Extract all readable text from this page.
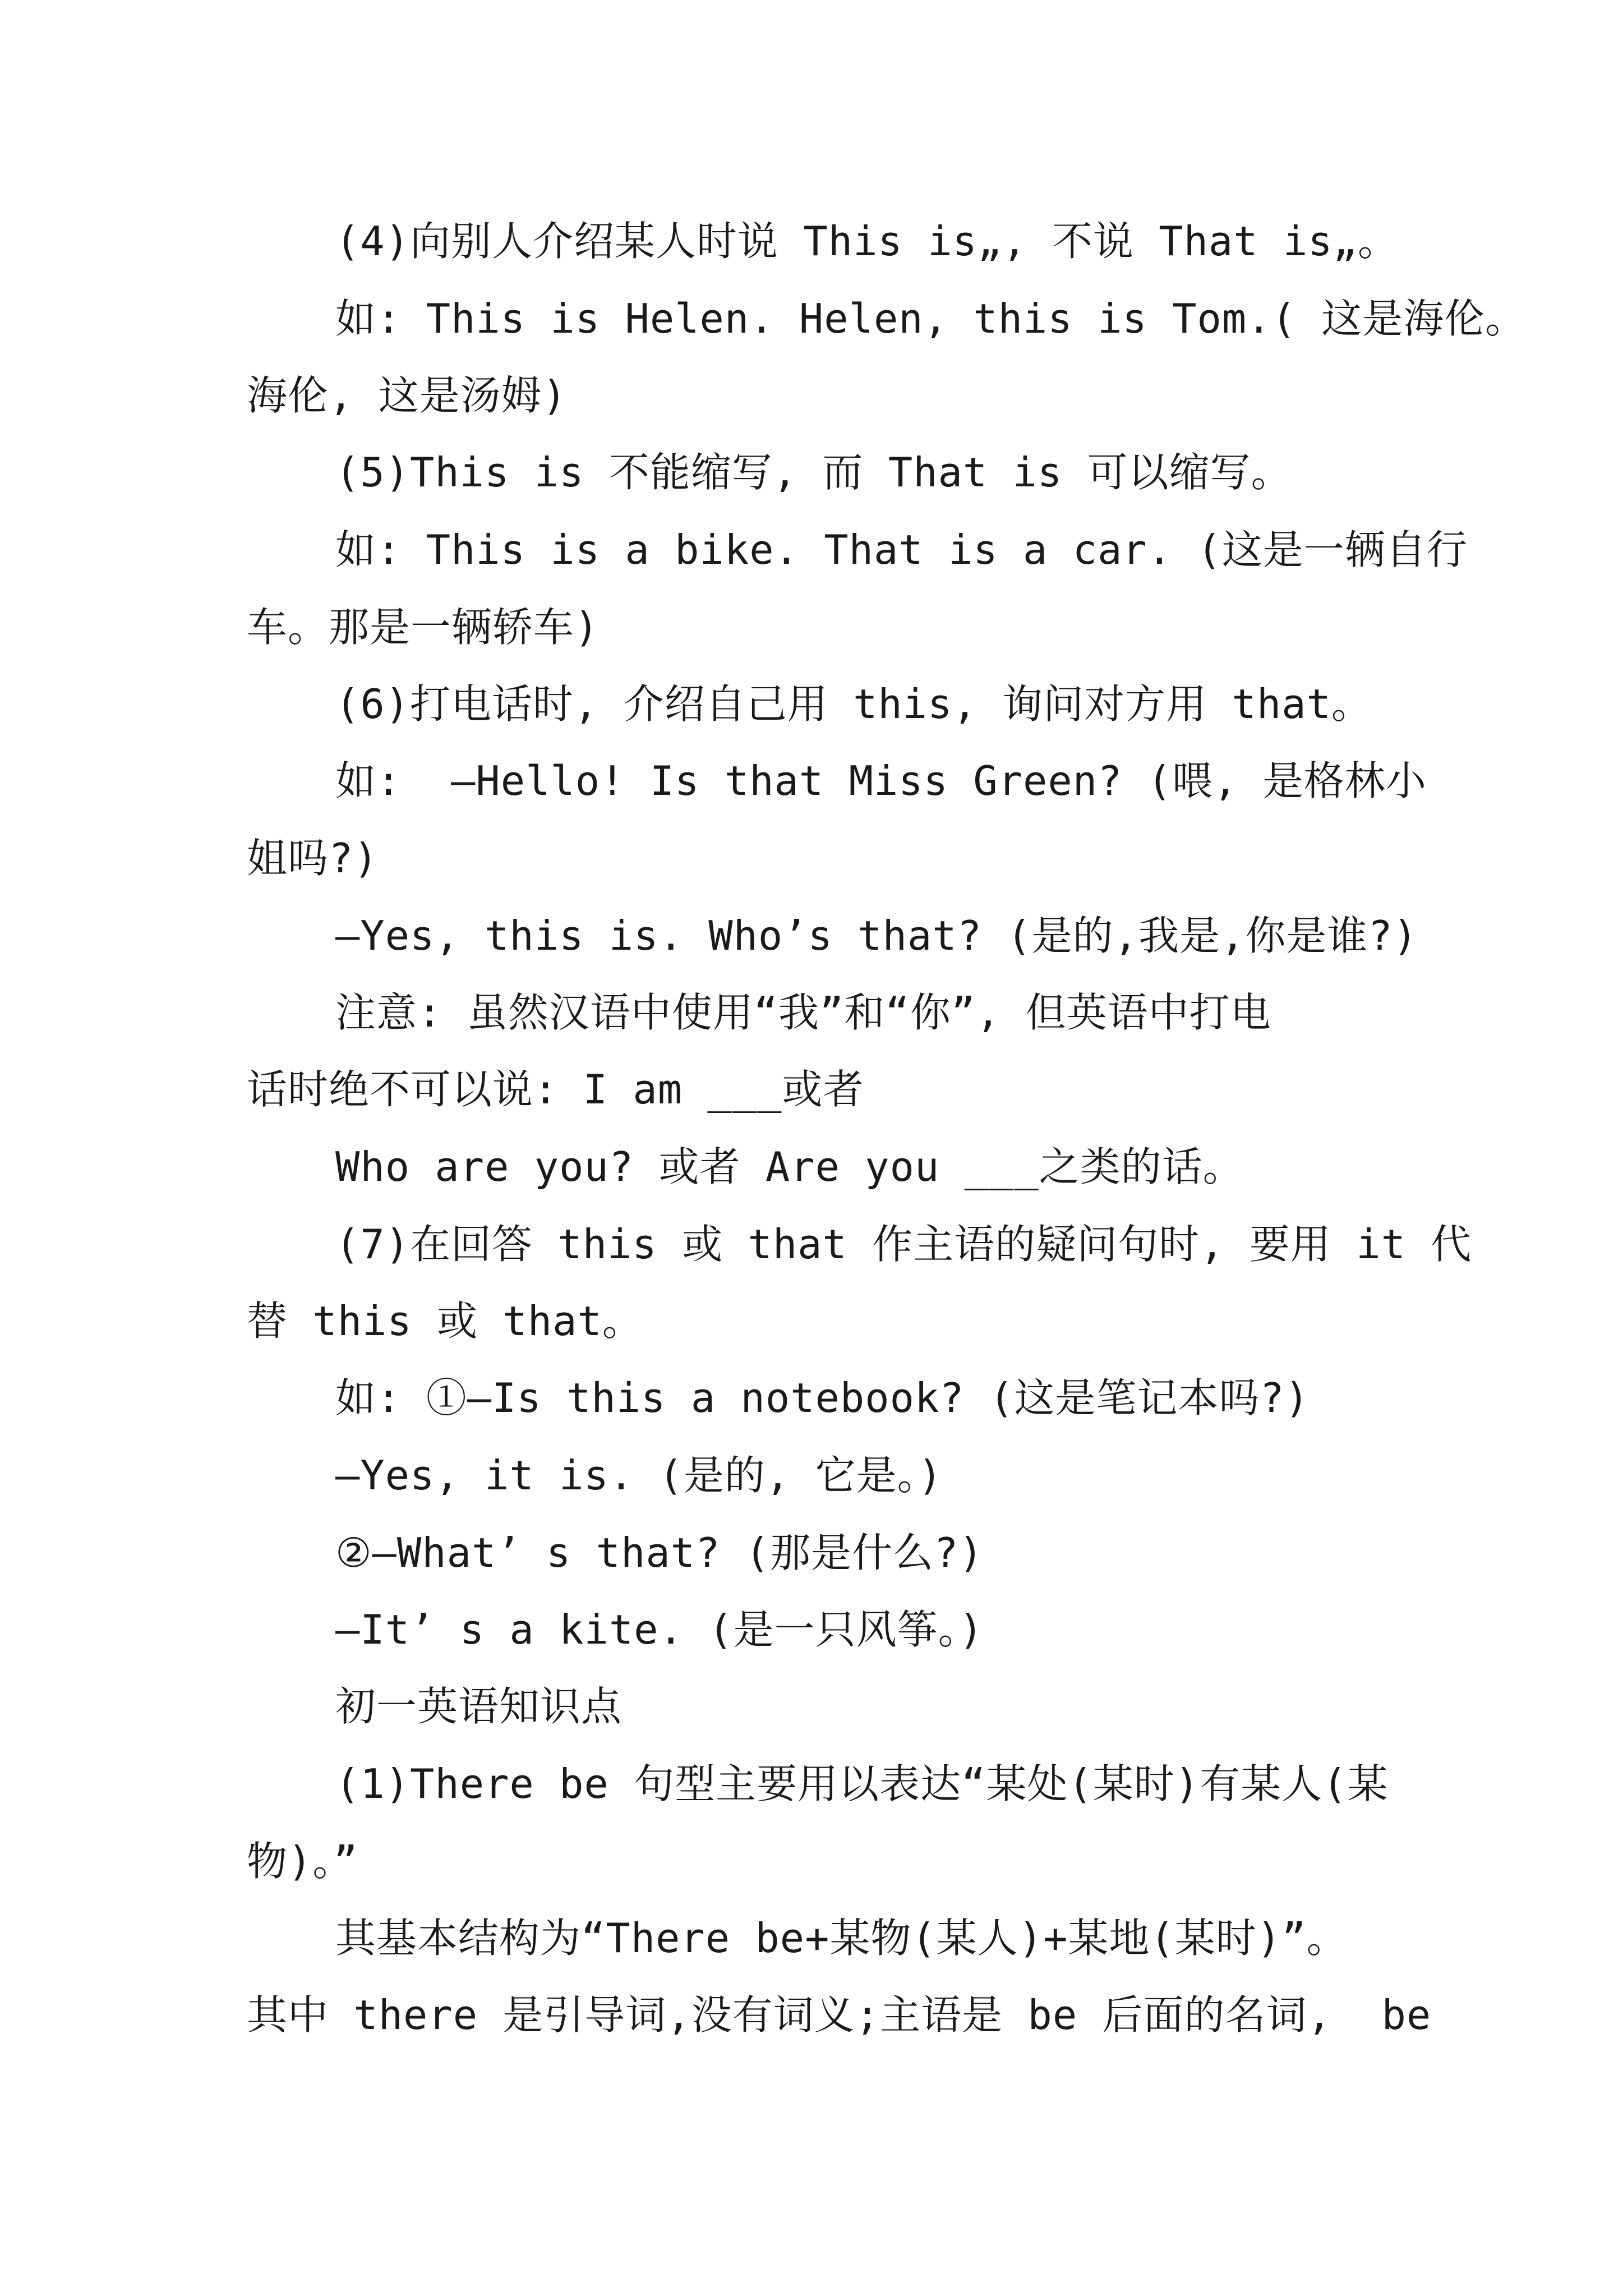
(4)向别人介绍某人时说 This is„, 不说 That is„。
如: This is Helen. Helen, this is Tom.( 这是海伦。
海伦, 这是汤姆)
(5)This is 不能缩写, 而 That is 可以缩写。
如: This is a bike. That is a car. (这是一辆自行
车。那是一辆轿车)
(6)打电话时, 介绍自己用 this, 询问对方用 that。
如:  —Hello! Is that Miss Green? (喂, 是格林小
姐吗?)
—Yes, this is. Who’s that? (是的,我是,你是谁?)
注意: 虽然汉语中使用“我”和“你”, 但英语中打电
话时绝不可以说: I am ___或者
Who are you? 或者 Are you ___之类的话。
(7)在回答 this 或 that 作主语的疑问句时, 要用 it 代
替 this 或 that。
如: ①—Is this a notebook? (这是笔记本吗?)
—Yes, it is. (是的, 它是。)
②—What’ s that? (那是什么?)
—It’ s a kite. (是一只风筝。)
初一英语知识点
(1)There be 句型主要用以表达“某处(某时)有某人(某
物)。”
其基本结构为“There be+某物(某人)+某地(某时)”。
其中 there 是引导词,没有词义;主语是 be 后面的名词,  be
